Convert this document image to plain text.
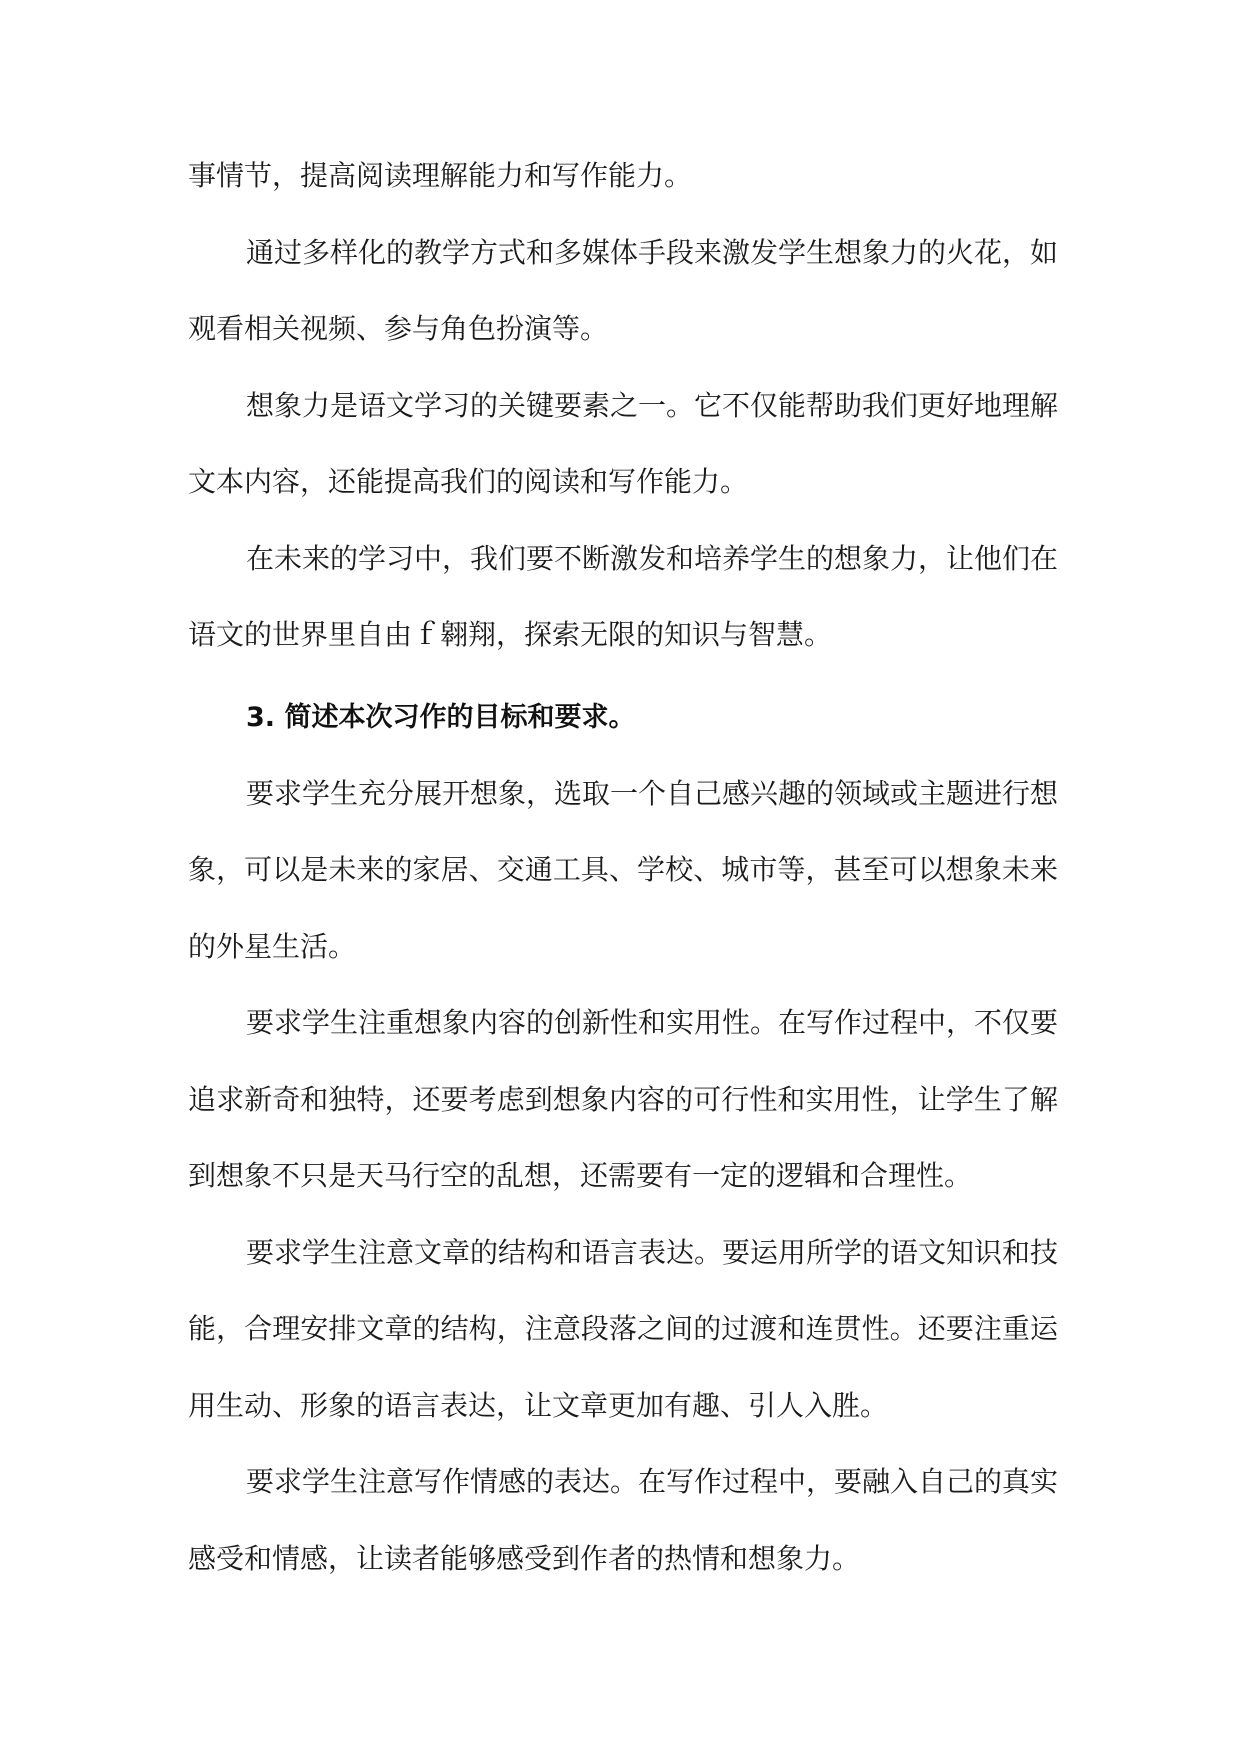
事情节，提高阅读理解能力和写作能力。

通过多样化的教学方式和多媒体手段来激发学生想象力的火花，如观看相关视频、参与角色扮演等。

想象力是语文学习的关键要素之一。它不仅能帮助我们更好地理解文本内容，还能提高我们的阅读和写作能力。

在未来的学习中，我们要不断激发和培养学生的想象力，让他们在语文的世界里自由ｆ翱翔，探索无限的知识与智慧。

3. 简述本次习作的目标和要求。

要求学生充分展开想象，选取一个自己感兴趣的领域或主题进行想象，可以是未来的家居、交通工具、学校、城市等，甚至可以想象未来的外星生活。

要求学生注重想象内容的创新性和实用性。在写作过程中，不仅要追求新奇和独特，还要考虑到想象内容的可行性和实用性，让学生了解到想象不只是天马行空的乱想，还需要有一定的逻辑和合理性。

要求学生注意文章的结构和语言表达。要运用所学的语文知识和技能，合理安排文章的结构，注意段落之间的过渡和连贯性。还要注重运用生动、形象的语言表达，让文章更加有趣、引人入胜。

要求学生注意写作情感的表达。在写作过程中，要融入自己的真实感受和情感，让读者能够感受到作者的热情和想象力。
